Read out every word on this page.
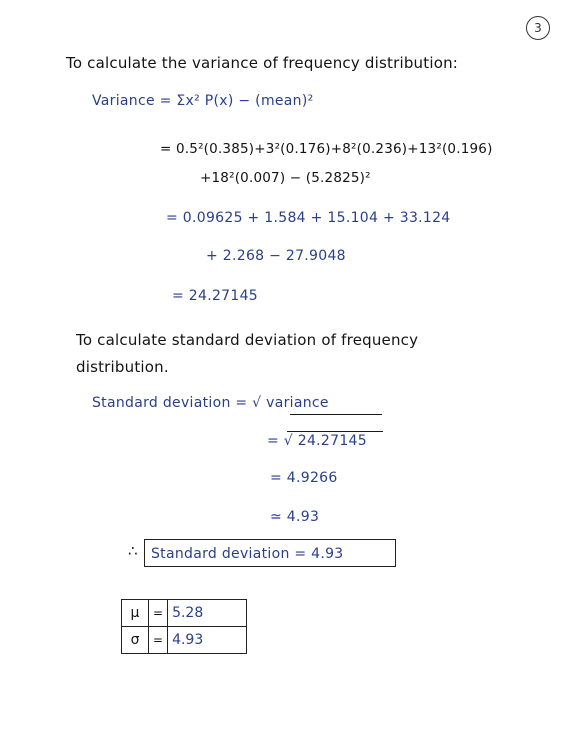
3
To calculate the variance of frequency distribution:
Variance = Σx² P(x) − (mean)²
= 0.5²(0.385)+3²(0.176)+8²(0.236)+13²(0.196)
+18²(0.007) − (5.2825)²
= 0.09625 + 1.584 + 15.104 + 33.124
+ 2.268 − 27.9048
= 24.27145
To calculate standard deviation of frequency
distribution.
Standard deviation = √ variance
= √ 24.27145
= 4.9266
≃ 4.93
∴ Standard deviation = 4.93
μ	=	5.28
σ	=	4.93
